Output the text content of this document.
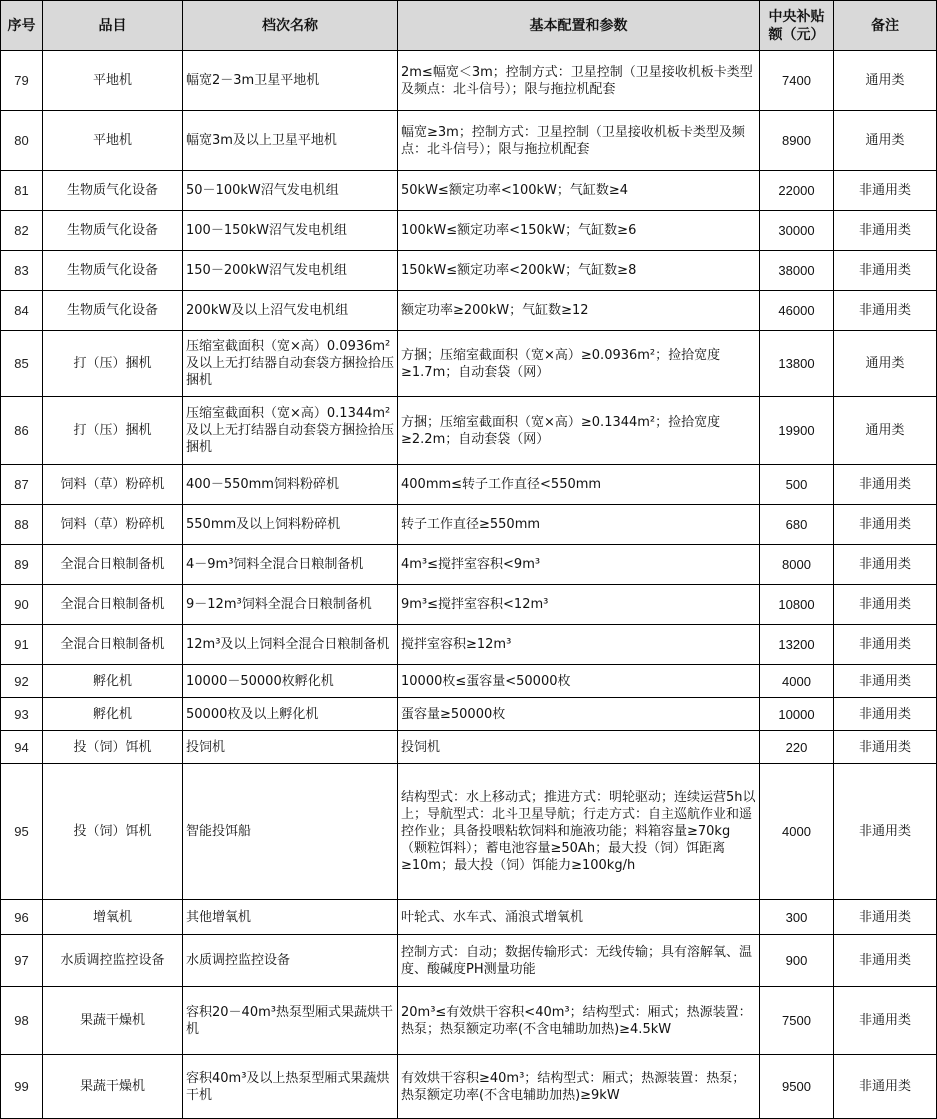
序号	品目	档次名称	基本配置和参数	中央补贴额（元）	备注
79	平地机	幅宽2－3m卫星平地机	2m≤幅宽＜3m；控制方式：卫星控制（卫星接收机板卡类型及频点：北斗信号）；限与拖拉机配套	7400	通用类
80	平地机	幅宽3m及以上卫星平地机	幅宽≥3m；控制方式：卫星控制（卫星接收机板卡类型及频点：北斗信号）；限与拖拉机配套	8900	通用类
81	生物质气化设备	50－100kW沼气发电机组	50kW≤额定功率<100kW；气缸数≥4	22000	非通用类
82	生物质气化设备	100－150kW沼气发电机组	100kW≤额定功率<150kW；气缸数≥6	30000	非通用类
83	生物质气化设备	150－200kW沼气发电机组	150kW≤额定功率<200kW；气缸数≥8	38000	非通用类
84	生物质气化设备	200kW及以上沼气发电机组	额定功率≥200kW；气缸数≥12	46000	非通用类
85	打（压）捆机	压缩室截面积（宽×高）0.0936m²及以上无打结器自动套袋方捆捡拾压捆机	方捆；压缩室截面积（宽×高）≥0.0936m²；捡拾宽度≥1.7m；自动套袋（网）	13800	通用类
86	打（压）捆机	压缩室截面积（宽×高）0.1344m²及以上无打结器自动套袋方捆捡拾压捆机	方捆；压缩室截面积（宽×高）≥0.1344m²；捡拾宽度≥2.2m；自动套袋（网）	19900	通用类
87	饲料（草）粉碎机	400－550mm饲料粉碎机	400mm≤转子工作直径<550mm	500	非通用类
88	饲料（草）粉碎机	550mm及以上饲料粉碎机	转子工作直径≥550mm	680	非通用类
89	全混合日粮制备机	4－9m³饲料全混合日粮制备机	4m³≤搅拌室容积<9m³	8000	非通用类
90	全混合日粮制备机	9－12m³饲料全混合日粮制备机	9m³≤搅拌室容积<12m³	10800	非通用类
91	全混合日粮制备机	12m³及以上饲料全混合日粮制备机	搅拌室容积≥12m³	13200	非通用类
92	孵化机	10000－50000枚孵化机	10000枚≤蛋容量<50000枚	4000	非通用类
93	孵化机	50000枚及以上孵化机	蛋容量≥50000枚	10000	非通用类
94	投（饲）饵机	投饲机	投饲机	220	非通用类
95	投（饲）饵机	智能投饵船	结构型式：水上移动式；推进方式：明轮驱动；连续运营5h以上；导航型式：北斗卫星导航；行走方式：自主巡航作业和遥控作业；具备投喂粘软饲料和施液功能；料箱容量≥70kg（颗粒饵料）；蓄电池容量≥50Ah；最大投（饲）饵距离≥10m；最大投（饲）饵能力≥100kg/h	4000	非通用类
96	增氧机	其他增氧机	叶轮式、水车式、涌浪式增氧机	300	非通用类
97	水质调控监控设备	水质调控监控设备	控制方式：自动；数据传输形式：无线传输；具有溶解氧、温度、酸碱度PH测量功能	900	非通用类
98	果蔬干燥机	容积20－40m³热泵型厢式果蔬烘干机	20m³≤有效烘干容积<40m³；结构型式：厢式；热源装置：热泵；热泵额定功率(不含电辅助加热)≥4.5kW	7500	非通用类
99	果蔬干燥机	容积40m³及以上热泵型厢式果蔬烘干机	有效烘干容积≥40m³；结构型式：厢式；热源装置：热泵；热泵额定功率(不含电辅助加热)≥9kW	9500	非通用类
